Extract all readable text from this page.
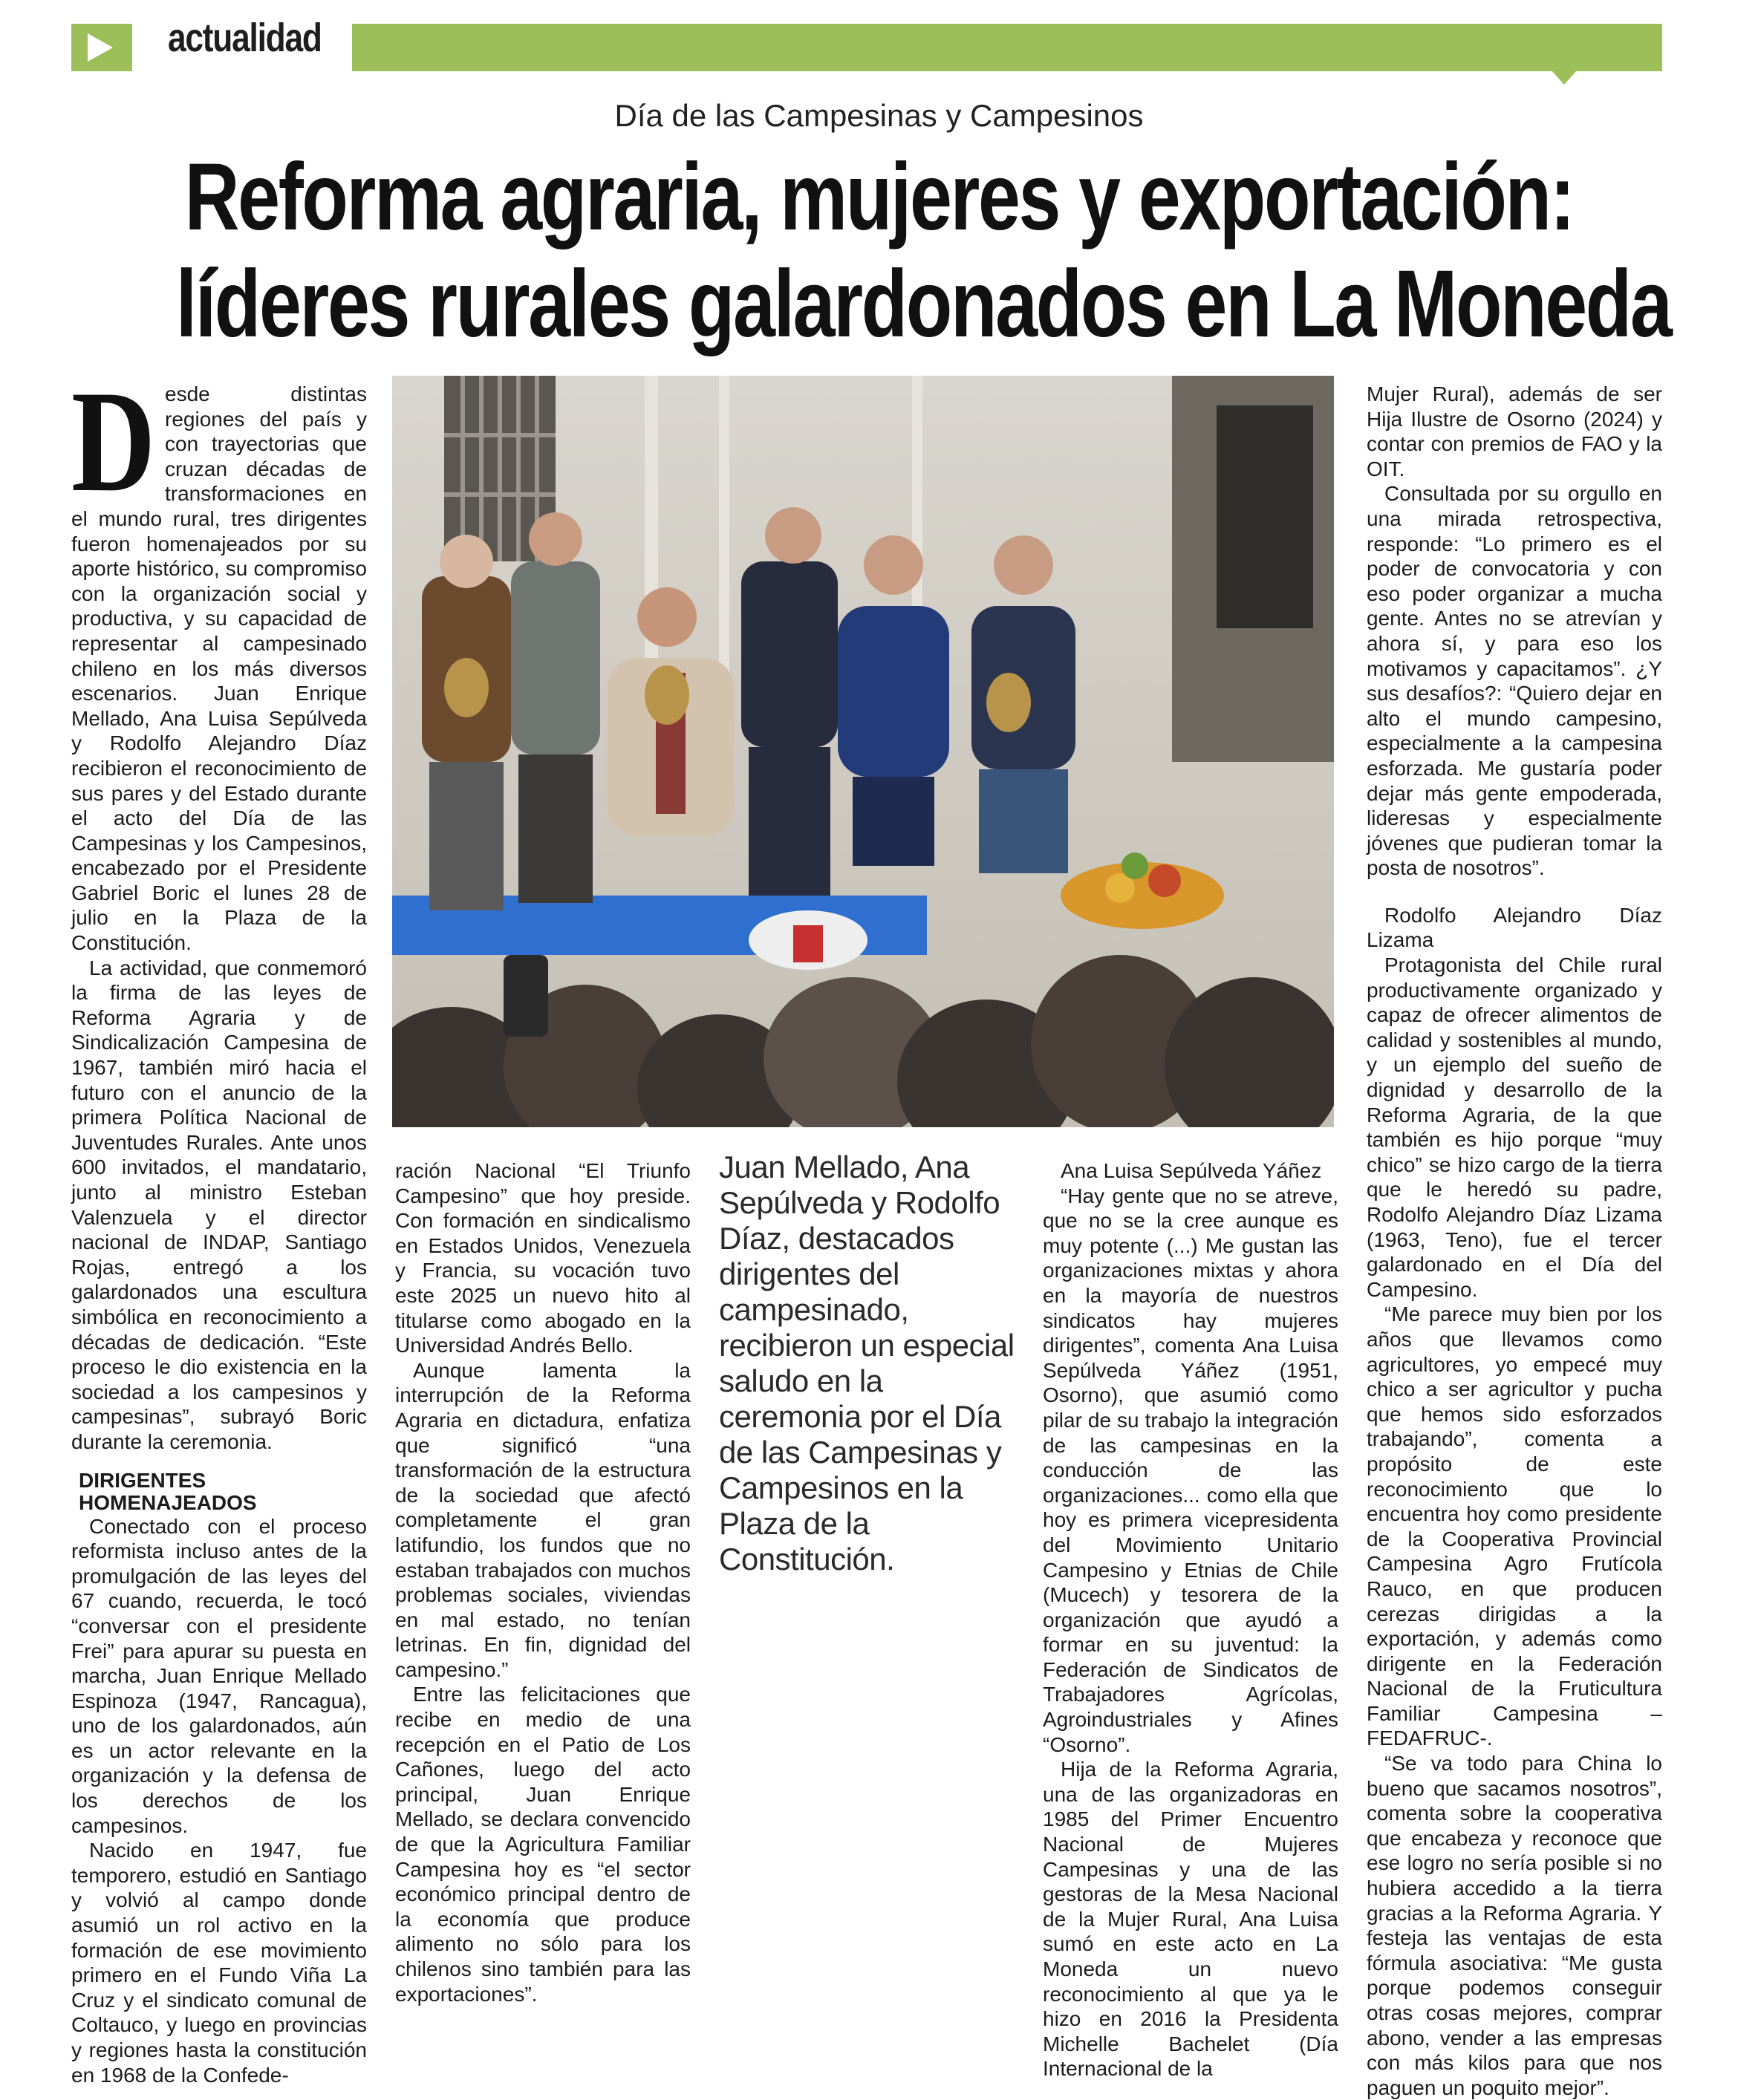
actualidad
Día de las Campesinas y Campesinos
Reforma agraria, mujeres y exportación:
líderes rurales galardonados en La Moneda
D esde distintas regiones del país y con trayectorias que cruzan décadas de transformaciones en el mundo rural, tres dirigentes fueron homenajeados por su aporte histórico, su compromiso con la organización social y productiva, y su capacidad de representar al campesinado chileno en los más diversos escenarios. Juan Enrique Mellado, Ana Luisa Sepúlveda y Rodolfo Alejandro Díaz recibieron el reconocimiento de sus pares y del Estado durante el acto del Día de las Campesinas y los Campesinos, encabezado por el Presidente Gabriel Boric el lunes 28 de julio en la Plaza de la Constitución.

La actividad, que conmemoró la firma de las leyes de Reforma Agraria y de Sindicalización Campesina de 1967, también miró hacia el futuro con el anuncio de la primera Política Nacional de Juventudes Rurales. Ante unos 600 invitados, el mandatario, junto al ministro Esteban Valenzuela y el director nacional de INDAP, Santiago Rojas, entregó a los galardonados una escultura simbólica en reconocimiento a décadas de dedicación. “Este proceso le dio existencia en la sociedad a los campesinos y campesinas”, subrayó Boric durante la ceremonia.

DIRIGENTES HOMENAJEADOS

Conectado con el proceso reformista incluso antes de la promulgación de las leyes del 67 cuando, recuerda, le tocó “conversar con el presidente Frei” para apurar su puesta en marcha, Juan Enrique Mellado Espinoza (1947, Rancagua), uno de los galardonados, aún es un actor relevante en la organización y la defensa de los derechos de los campesinos.

Nacido en 1947, fue temporero, estudió en Santiago y volvió al campo donde asumió un rol activo en la formación de ese movimiento primero en el Fundo Viña La Cruz y el sindicato comunal de Coltauco, y luego en provincias y regiones hasta la constitución en 1968 de la Confede-

ración Nacional “El Triunfo Campesino” que hoy preside. Con formación en sindicalismo en Estados Unidos, Venezuela y Francia, su vocación tuvo este 2025 un nuevo hito al titularse como abogado en la Universidad Andrés Bello.

Aunque lamenta la interrupción de la Reforma Agraria en dictadura, enfatiza que significó “una transformación de la estructura de la sociedad que afectó completamente el gran latifundio, los fundos que no estaban trabajados con muchos problemas sociales, viviendas en mal estado, no tenían letrinas. En fin, dignidad del campesino.”

Entre las felicitaciones que recibe en medio de una recepción en el Patio de Los Cañones, luego del acto principal, Juan Enrique Mellado, se declara convencido de que la Agricultura Familiar Campesina hoy es “el sector económico principal dentro de la economía que produce alimento no sólo para los chilenos sino también para las exportaciones”.

Juan Mellado, Ana Sepúlveda y Rodolfo Díaz, destacados dirigentes del campesinado, recibieron un especial saludo en la ceremonia por el Día de las Campesinas y Campesinos en la Plaza de la Constitución.

Ana Luisa Sepúlveda Yáñez

“Hay gente que no se atreve, que no se la cree aunque es muy potente (...) Me gustan las organizaciones mixtas y ahora en la mayoría de nuestros sindicatos hay mujeres dirigentes”, comenta Ana Luisa Sepúlveda Yáñez (1951, Osorno), que asumió como pilar de su trabajo la integración de las campesinas en la conducción de las organizaciones... como ella que hoy es primera vicepresidenta del Movimiento Unitario Campesino y Etnias de Chile (Mucech) y tesorera de la organización que ayudó a formar en su juventud: la Federación de Sindicatos de Trabajadores Agrícolas, Agroindustriales y Afines “Osorno”.

Hija de la Reforma Agraria, una de las organizadoras en 1985 del Primer Encuentro Nacional de Mujeres Campesinas y una de las gestoras de la Mesa Nacional de la Mujer Rural, Ana Luisa sumó en este acto en La Moneda un nuevo reconocimiento al que ya le hizo en 2016 la Presidenta Michelle Bachelet (Día Internacional de la

Mujer Rural), además de ser Hija Ilustre de Osorno (2024) y contar con premios de FAO y la OIT.

Consultada por su orgullo en una mirada retrospectiva, responde: “Lo primero es el poder de convocatoria y con eso poder organizar a mucha gente. Antes no se atrevían y ahora sí, y para eso los motivamos y capacitamos”. ¿Y sus desafíos?: “Quiero dejar en alto el mundo campesino, especialmente a la campesina esforzada. Me gustaría poder dejar más gente empoderada, lideresas y especialmente jóvenes que pudieran tomar la posta de nosotros”.

Rodolfo Alejandro Díaz Lizama

Protagonista del Chile rural productivamente organizado y capaz de ofrecer alimentos de calidad y sostenibles al mundo, y un ejemplo del sueño de dignidad y desarrollo de la Reforma Agraria, de la que también es hijo porque “muy chico” se hizo cargo de la tierra que le heredó su padre, Rodolfo Alejandro Díaz Lizama (1963, Teno), fue el tercer galardonado en el Día del Campesino.

“Me parece muy bien por los años que llevamos como agricultores, yo empecé muy chico a ser agricultor y pucha que hemos sido esforzados trabajando”, comenta a propósito de este reconocimiento que lo encuentra hoy como presidente de la Cooperativa Provincial Campesina Agro Frutícola Rauco, en que producen cerezas dirigidas a la exportación, y además como dirigente en la Federación Nacional de la Fruticultura Familiar Campesina –FEDAFRUC-.

“Se va todo para China lo bueno que sacamos nosotros”, comenta sobre la cooperativa que encabeza y reconoce que ese logro no sería posible si no hubiera accedido a la tierra gracias a la Reforma Agraria. Y festeja las ventajas de esta fórmula asociativa: “Me gusta porque podemos conseguir otras cosas mejores, comprar abono, vender a las empresas con más kilos para que nos paguen un poquito mejor”.
